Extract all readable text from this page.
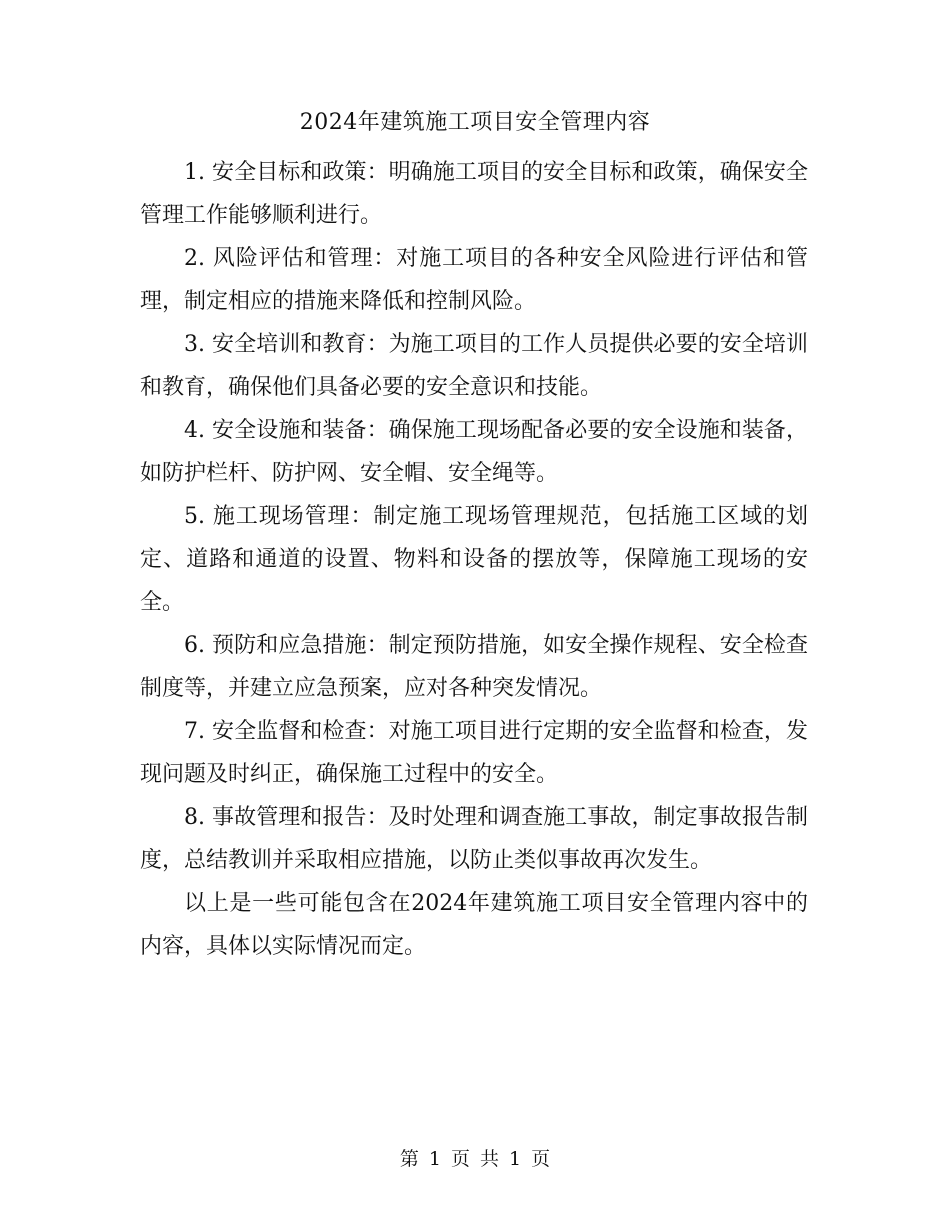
2024年建筑施工项目安全管理内容

1. 安全目标和政策：明确施工项目的安全目标和政策，确保安全管理工作能够顺利进行。

2. 风险评估和管理：对施工项目的各种安全风险进行评估和管理，制定相应的措施来降低和控制风险。

3. 安全培训和教育：为施工项目的工作人员提供必要的安全培训和教育，确保他们具备必要的安全意识和技能。

4. 安全设施和装备：确保施工现场配备必要的安全设施和装备，如防护栏杆、防护网、安全帽、安全绳等。

5. 施工现场管理：制定施工现场管理规范，包括施工区域的划定、道路和通道的设置、物料和设备的摆放等，保障施工现场的安全。

6. 预防和应急措施：制定预防措施，如安全操作规程、安全检查制度等，并建立应急预案，应对各种突发情况。

7. 安全监督和检查：对施工项目进行定期的安全监督和检查，发现问题及时纠正，确保施工过程中的安全。

8. 事故管理和报告：及时处理和调查施工事故，制定事故报告制度，总结教训并采取相应措施，以防止类似事故再次发生。

以上是一些可能包含在2024年建筑施工项目安全管理内容中的内容，具体以实际情况而定。

第 1 页 共 1 页
